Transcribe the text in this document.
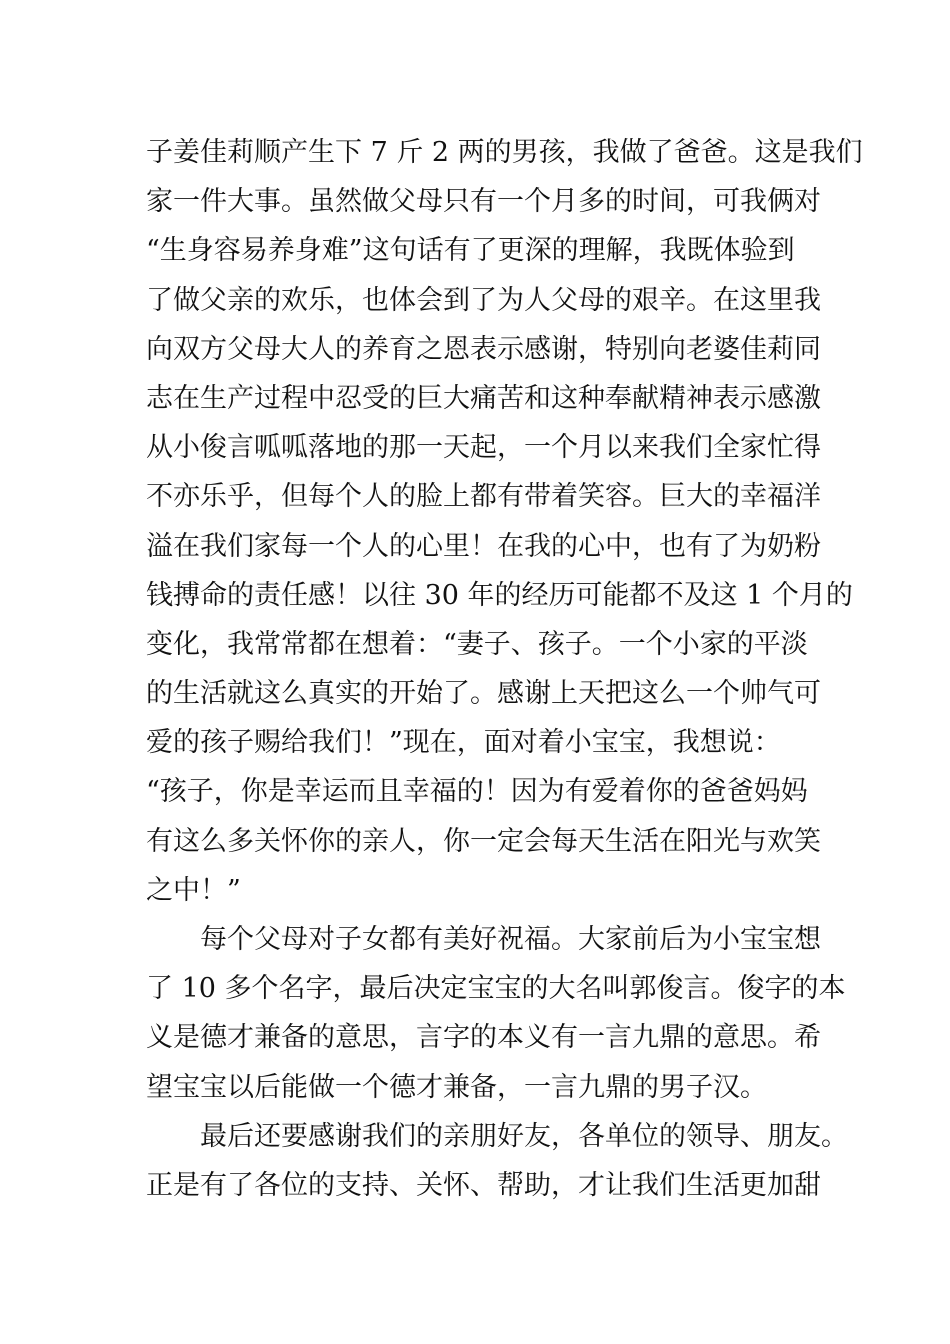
子姜佳莉顺产生下 7 斤 2 两的男孩，我做了爸爸。这是我们
家一件大事。虽然做父母只有一个月多的时间，可我俩对
“生身容易养身难”这句话有了更深的理解，我既体验到
了做父亲的欢乐，也体会到了为人父母的艰辛。在这里我
向双方父母大人的养育之恩表示感谢，特别向老婆佳莉同
志在生产过程中忍受的巨大痛苦和这种奉献精神表示感激
从小俊言呱呱落地的那一天起，一个月以来我们全家忙得
不亦乐乎，但每个人的脸上都有带着笑容。巨大的幸福洋
溢在我们家每一个人的心里！在我的心中，也有了为奶粉
钱搏命的责任感！以往 30 年的经历可能都不及这 1 个月的
变化，我常常都在想着：“妻子、孩子。一个小家的平淡
的生活就这么真实的开始了。感谢上天把这么一个帅气可
爱的孩子赐给我们！”现在，面对着小宝宝，我想说：
“孩子，你是幸运而且幸福的！因为有爱着你的爸爸妈妈
有这么多关怀你的亲人，你一定会每天生活在阳光与欢笑
之中！”
每个父母对子女都有美好祝福。大家前后为小宝宝想
了 10 多个名字，最后决定宝宝的大名叫郭俊言。俊字的本
义是德才兼备的意思，言字的本义有一言九鼎的意思。希
望宝宝以后能做一个德才兼备，一言九鼎的男子汉。
最后还要感谢我们的亲朋好友，各单位的领导、朋友。
正是有了各位的支持、关怀、帮助，才让我们生活更加甜
